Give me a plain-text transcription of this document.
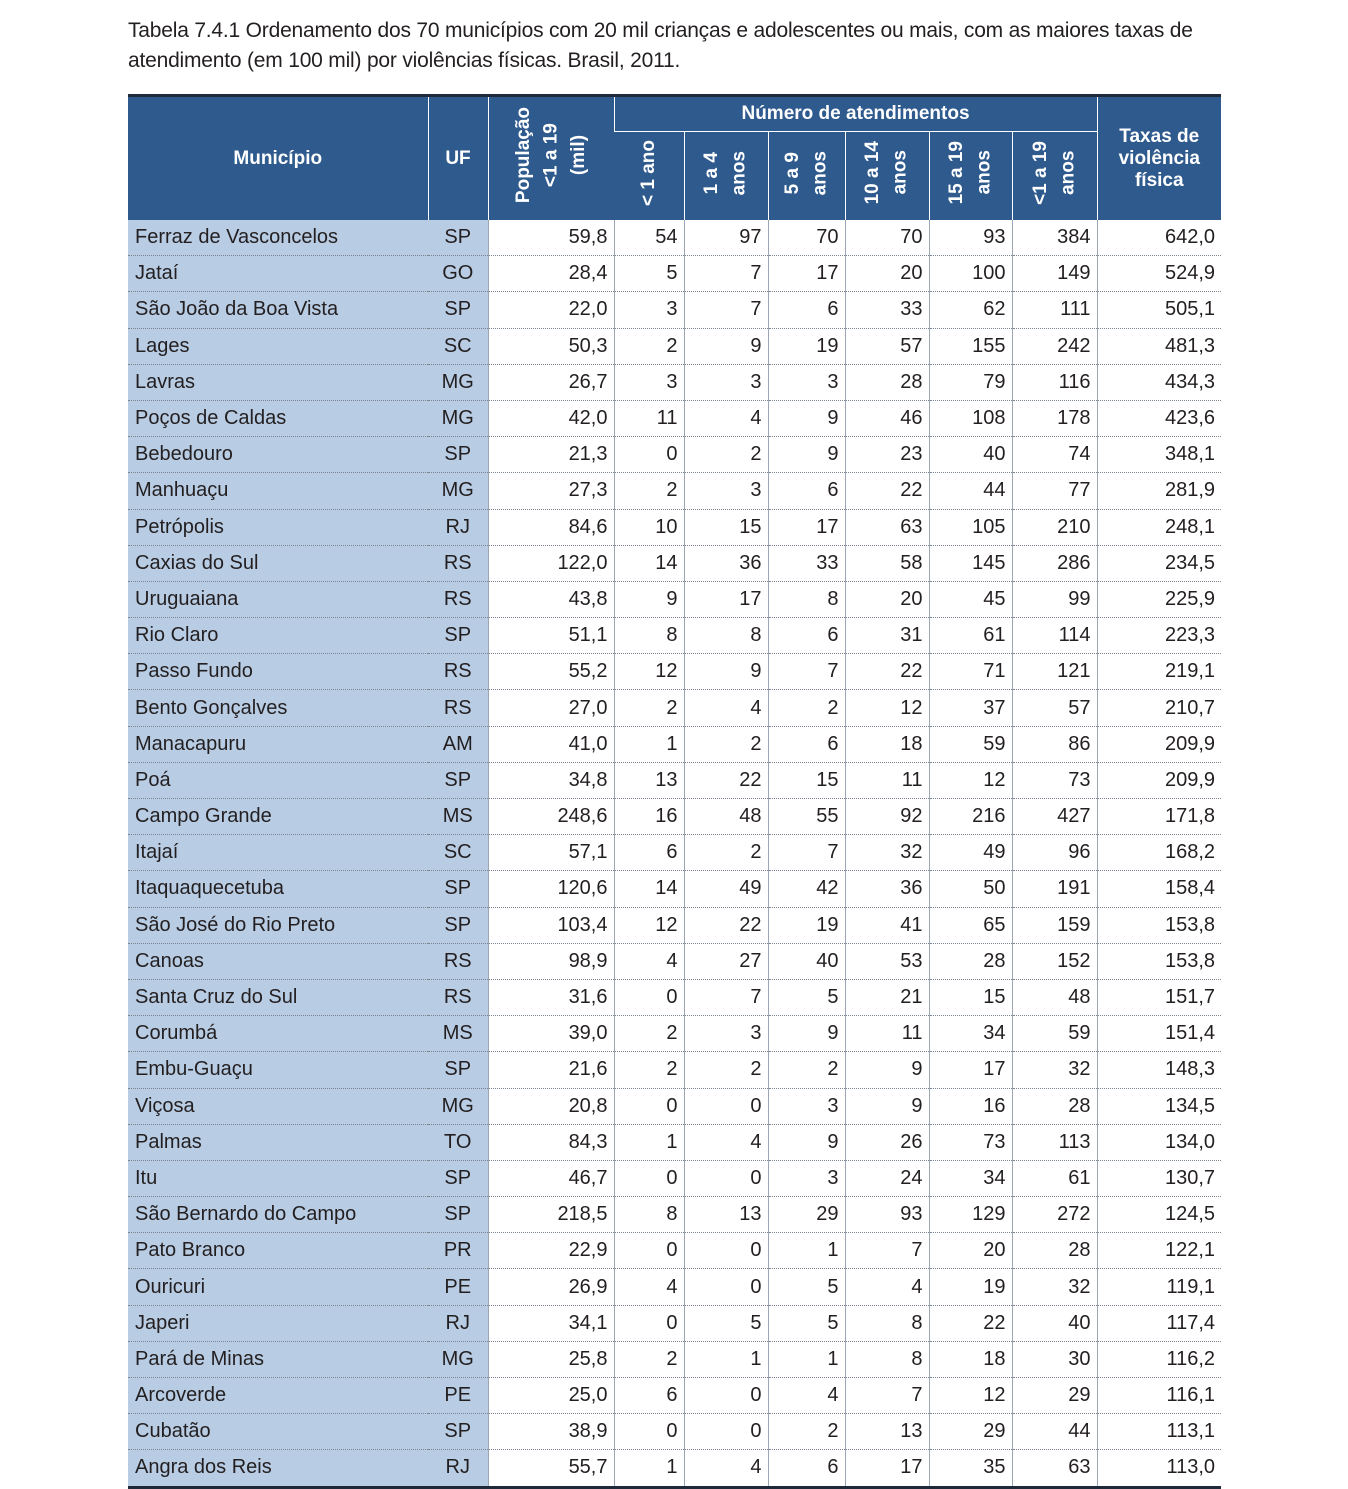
Tabela 7.4.1 Ordenamento dos 70 municípios com 20 mil crianças e adolescentes ou mais, com as maiores taxas de
atendimento (em 100 mil) por violências físicas. Brasil, 2011.
Município	UF	População <1 a 19 (mil)	Número de atendimentos						Taxas de
violência
física
			< 1 ano	1 a 4 anos	5 a 9 anos	10 a 14 anos	15 a 19 anos	<1 a 19 anos	
Ferraz de Vasconcelos	SP	59,8	54	97	70	70	93	384	642,0
Jataí	GO	28,4	5	7	17	20	100	149	524,9
São João da Boa Vista	SP	22,0	3	7	6	33	62	111	505,1
Lages	SC	50,3	2	9	19	57	155	242	481,3
Lavras	MG	26,7	3	3	3	28	79	116	434,3
Poços de Caldas	MG	42,0	11	4	9	46	108	178	423,6
Bebedouro	SP	21,3	0	2	9	23	40	74	348,1
Manhuaçu	MG	27,3	2	3	6	22	44	77	281,9
Petrópolis	RJ	84,6	10	15	17	63	105	210	248,1
Caxias do Sul	RS	122,0	14	36	33	58	145	286	234,5
Uruguaiana	RS	43,8	9	17	8	20	45	99	225,9
Rio Claro	SP	51,1	8	8	6	31	61	114	223,3
Passo Fundo	RS	55,2	12	9	7	22	71	121	219,1
Bento Gonçalves	RS	27,0	2	4	2	12	37	57	210,7
Manacapuru	AM	41,0	1	2	6	18	59	86	209,9
Poá	SP	34,8	13	22	15	11	12	73	209,9
Campo Grande	MS	248,6	16	48	55	92	216	427	171,8
Itajaí	SC	57,1	6	2	7	32	49	96	168,2
Itaquaquecetuba	SP	120,6	14	49	42	36	50	191	158,4
São José do Rio Preto	SP	103,4	12	22	19	41	65	159	153,8
Canoas	RS	98,9	4	27	40	53	28	152	153,8
Santa Cruz do Sul	RS	31,6	0	7	5	21	15	48	151,7
Corumbá	MS	39,0	2	3	9	11	34	59	151,4
Embu-Guaçu	SP	21,6	2	2	2	9	17	32	148,3
Viçosa	MG	20,8	0	0	3	9	16	28	134,5
Palmas	TO	84,3	1	4	9	26	73	113	134,0
Itu	SP	46,7	0	0	3	24	34	61	130,7
São Bernardo do Campo	SP	218,5	8	13	29	93	129	272	124,5
Pato Branco	PR	22,9	0	0	1	7	20	28	122,1
Ouricuri	PE	26,9	4	0	5	4	19	32	119,1
Japeri	RJ	34,1	0	5	5	8	22	40	117,4
Pará de Minas	MG	25,8	2	1	1	8	18	30	116,2
Arcoverde	PE	25,0	6	0	4	7	12	29	116,1
Cubatão	SP	38,9	0	0	2	13	29	44	113,1
Angra dos Reis	RJ	55,7	1	4	6	17	35	63	113,0
